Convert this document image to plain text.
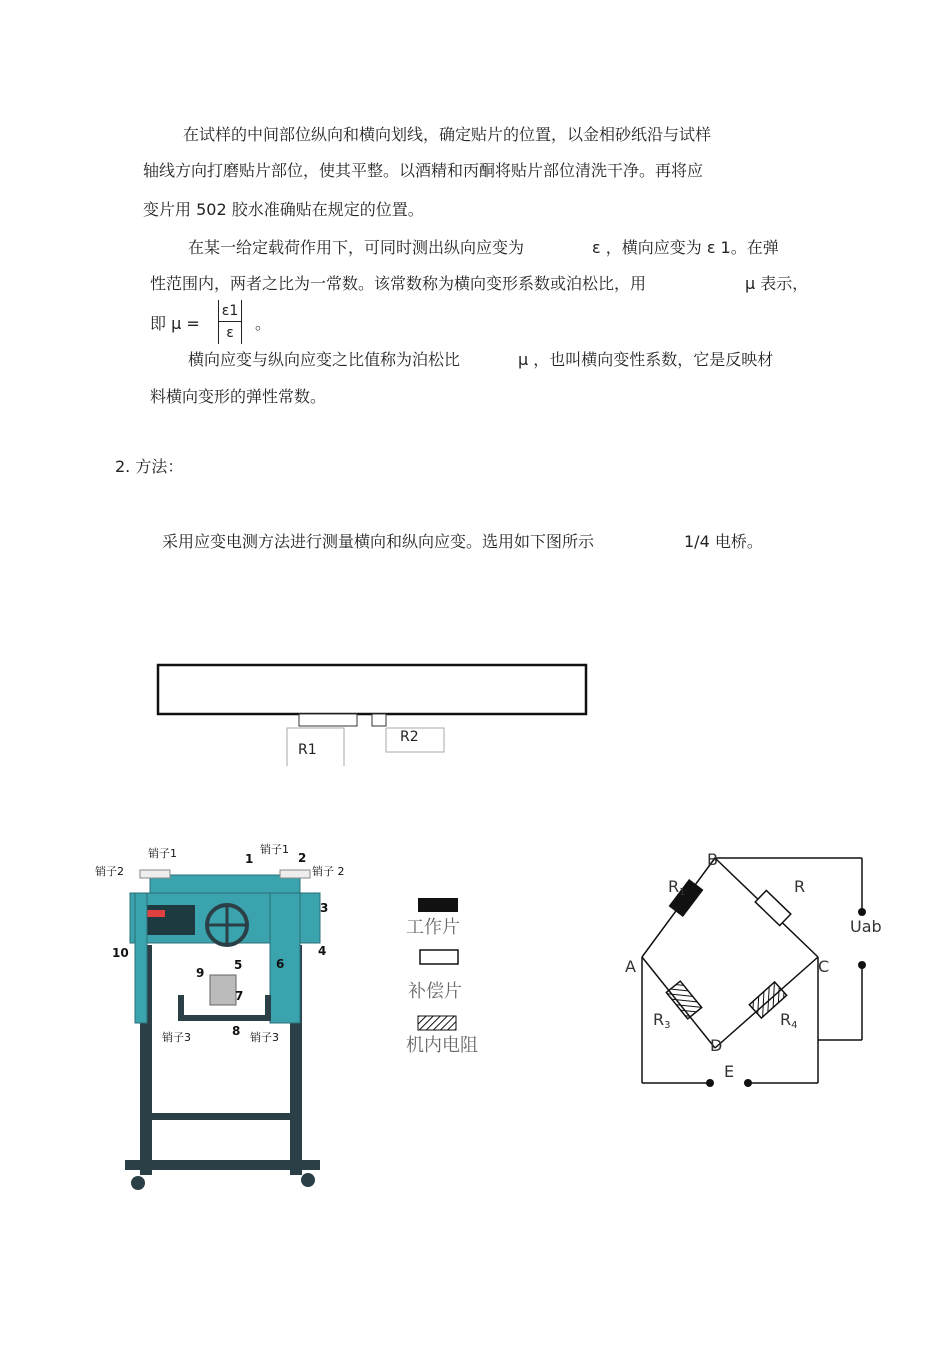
在试样的中间部位纵向和横向划线，确定贴片的位置，以金相砂纸沿与试样
轴线方向打磨贴片部位，使其平整。以酒精和丙酮将贴片部位清洗干净。再将应
变片用 502 胶水准确贴在规定的位置。
在某一给定载荷作用下，可同时测出纵向应变为	ε ，横向应变为 ε 1。在弹
性范围内，两者之比为一常数。该常数称为横向变形系数或泊松比，用	μ 表示，
即 $\mu = \frac{\varepsilon 1}{\varepsilon}$ 。
横向应变与纵向应变之比值称为泊松比	μ ，也叫横向变性系数，它是反映材
料横向变形的弹性常数。
2. 方法：
采用应变电测方法进行测量横向和纵向应变。选用如下图所示	1/4 电桥。
R1
R2
销子2
销子1	1
销子1
2
销子 2
3
4
10
5	6
9
7
销子3	8 销子3
工作片
补偿片
机内电阻
B
A	C
D
E
R1	R
R3	R4
Uab
